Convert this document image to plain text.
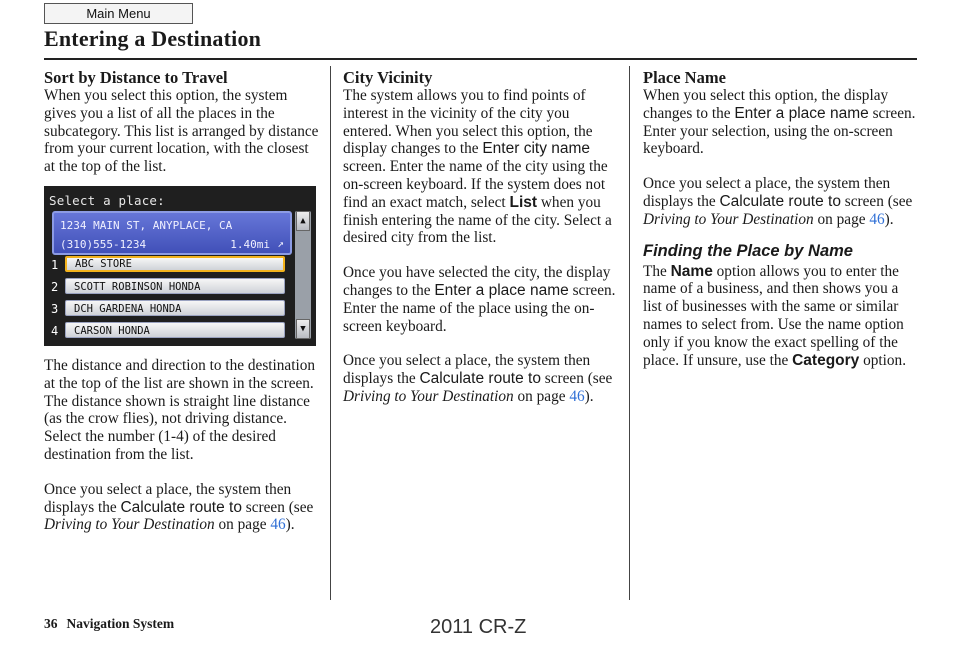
Main Menu
Entering a Destination
Sort by Distance to Travel

When you select this option, the system gives you a list of all the places in the subcategory. This list is arranged by distance from your current location, with the closest at the top of the list.

Select a place:
1234 MAIN ST, ANYPLACE, CA
(310)555-1234	1.40mi ↗
1	ABC STORE
2	SCOTT ROBINSON HONDA
3	DCH GARDENA HONDA
4	CARSON HONDA
▲
▼

The distance and direction to the destination at the top of the list are shown in the screen. The distance shown is straight line distance (as the crow flies), not driving distance. Select the number (1-4) of the desired destination from the list.

Once you select a place, the system then displays the Calculate route to screen (see Driving to Your Destination on page 46).

City Vicinity

The system allows you to find points of interest in the vicinity of the city you entered. When you select this option, the display changes to the Enter city name screen. Enter the name of the city using the on-screen keyboard. If the system does not find an exact match, select List when you finish entering the name of the city. Select a desired city from the list.

Once you have selected the city, the display changes to the Enter a place name screen. Enter the name of the place using the on-screen keyboard.

Once you select a place, the system then displays the Calculate route to screen (see Driving to Your Destination on page 46).

Place Name

When you select this option, the display changes to the Enter a place name screen. Enter your selection, using the on-screen keyboard.

Once you select a place, the system then displays the Calculate route to screen (see Driving to Your Destination on page 46).

Finding the Place by Name

The Name option allows you to enter the name of a business, and then shows you a list of businesses with the same or similar names to select from. Use the name option only if you know the exact spelling of the place. If unsure, use the Category option.

36 Navigation System	2011 CR-Z
